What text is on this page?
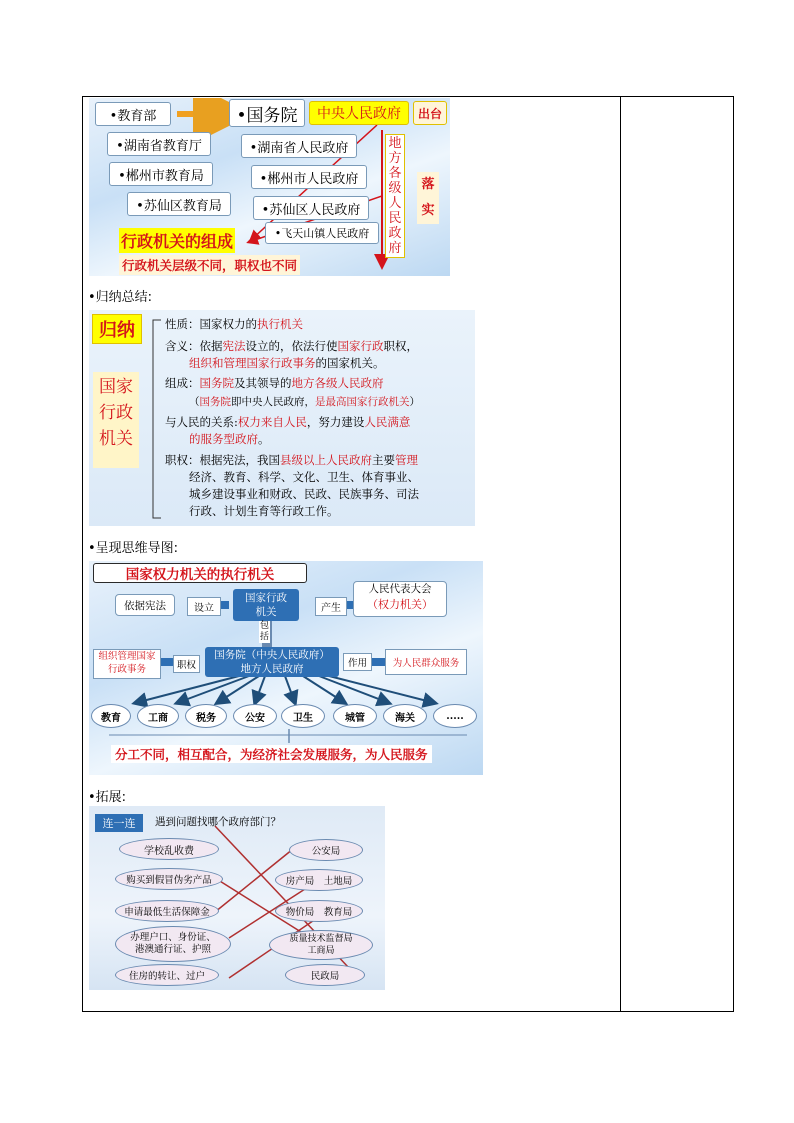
•教育部	•国务院	中央人民政府	出台
•湖南省教育厅	•湖南省人民政府
•郴州市教育局	•郴州市人民政府
•苏仙区教育局	•苏仙区人民政府
•飞天山镇人民政府
地方各级人民政府
落实
行政机关的组成
行政机关层级不同，职权也不同
•归纳总结:
归纳
国家行政机关
性质：国家权力的执行机关
含义：依据宪法设立的，依法行使国家行政职权，
组织和管理国家行政事务的国家机关。
组成：国务院及其领导的地方各级人民政府
（国务院即中央人民政府，是最高国家行政机关）
与人民的关系:权力来自人民，努力建设人民满意
的服务型政府。
职权：根据宪法，我国县级以上人民政府主要管理
经济、教育、科学、文化、卫生、体育事业、
城乡建设事业和财政、民政、民族事务、司法
行政、计划生育等行政工作。
•呈现思维导图:
国家权力机关的执行机关
依据宪法	设立
国家行政
机关	产生
人民代表大会
（权力机关）
包
括
组织管理国家
行政事务	职权
国务院（中央人民政府）
地方人民政府	作用	为人民群众服务
教育	工商	税务	公安	卫生	城管	海关	.....
分工不同，相互配合，为经济社会发展服务，为人民服务
•拓展:
连一连	遇到问题找哪个政府部门？
学校乱收费
购买到假冒伪劣产品
申请最低生活保障金
办理户口、身份证、港澳通行证、护照
住房的转让、过户
公安局
房产局　土地局
物价局　教育局
质量技术监督局 工商局
民政局
